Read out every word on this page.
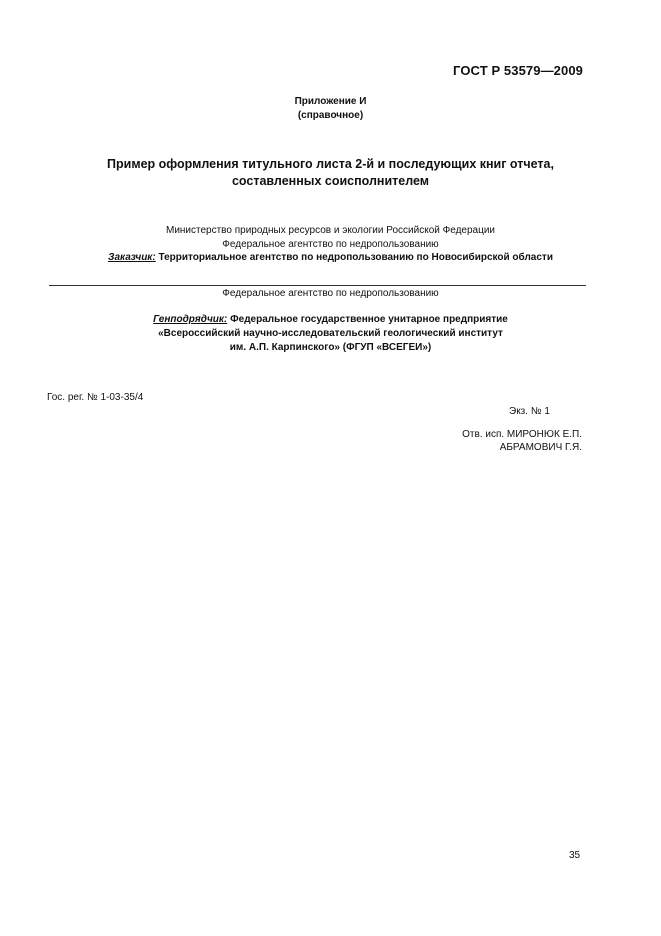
ГОСТ Р 53579—2009
Приложение И
(справочное)
Пример оформления титульного листа 2-й и последующих книг отчета,
составленных соисполнителем
Министерство природных ресурсов и экологии Российской Федерации
Федеральное агентство по недропользованию
Заказчик: Территориальное агентство по недропользованию по Новосибирской области
Федеральное агентство по недропользованию
Генподрядчик: Федеральное государственное унитарное предприятие
«Всероссийский научно-исследовательский геологический институт
им. А.П. Карпинского» (ФГУП «ВСЕГЕИ»)
Гос. рег. № 1-03-35/4
Экз. № 1
Отв. исп. МИРОНЮК Е.П.
АБРАМОВИЧ Г.Я.
35
